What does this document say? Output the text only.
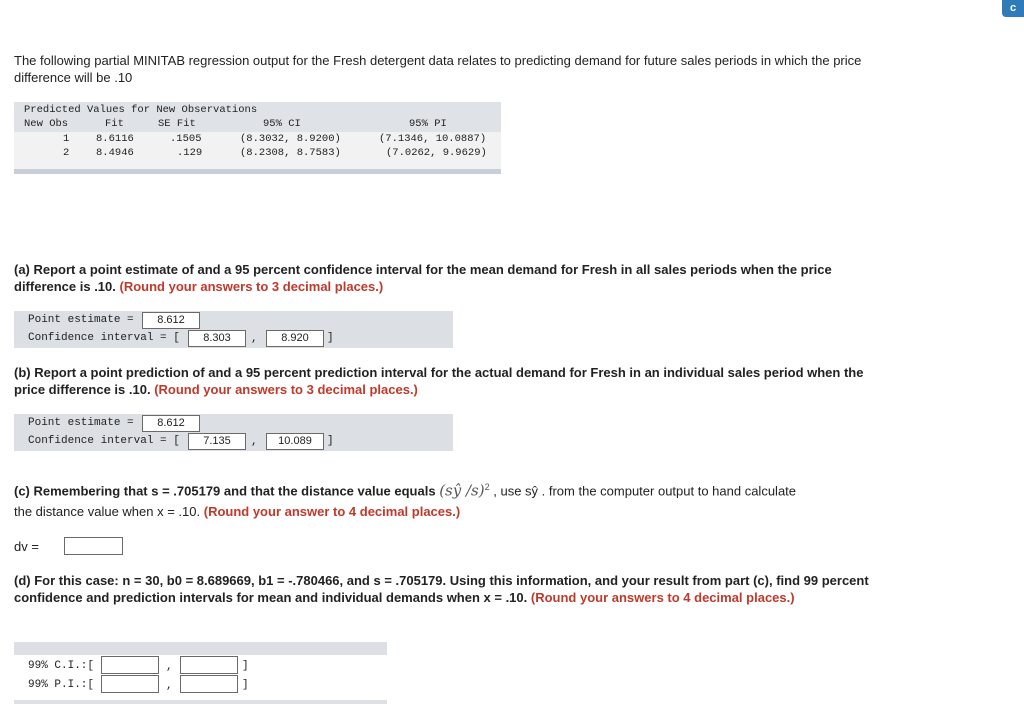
c
The following partial MINITAB regression output for the Fresh detergent data relates to predicting demand for future sales periods in which the price difference will be .10
Predicted Values for New Observations
New Obs	Fit	SE Fit	95% CI	95% PI
1	8.6116	.1505	(8.3032, 8.9200)	(7.1346, 10.0887)
2	8.4946	.129	(8.2308, 8.7583)	(7.0262, 9.9629)
(a) Report a point estimate of and a 95 percent confidence interval for the mean demand for Fresh in all sales periods when the price difference is .10. (Round your answers to 3 decimal places.)
Point estimate =	8.612
Confidence interval = [	8.303	,	8.920	]
(b) Report a point prediction of and a 95 percent prediction interval for the actual demand for Fresh in an individual sales period when the price difference is .10. (Round your answers to 3 decimal places.)
Point estimate =	8.612
Confidence interval = [	7.135	,	10.089	]
(c) Remembering that s = .705179 and that the distance value equals (sŷ /s)$^2$ , use sŷ . from the computer output to hand calculate
the distance value when x = .10. (Round your answer to 4 decimal places.)
dv =
(d) For this case: n = 30, b0 = 8.689669, b1 = -.780466, and s = .705179. Using this information, and your result from part (c), find 99 percent confidence and prediction intervals for mean and individual demands when x = .10. (Round your answers to 4 decimal places.)
99% C.I.:[	,	]
99% P.I.:[	,	]
